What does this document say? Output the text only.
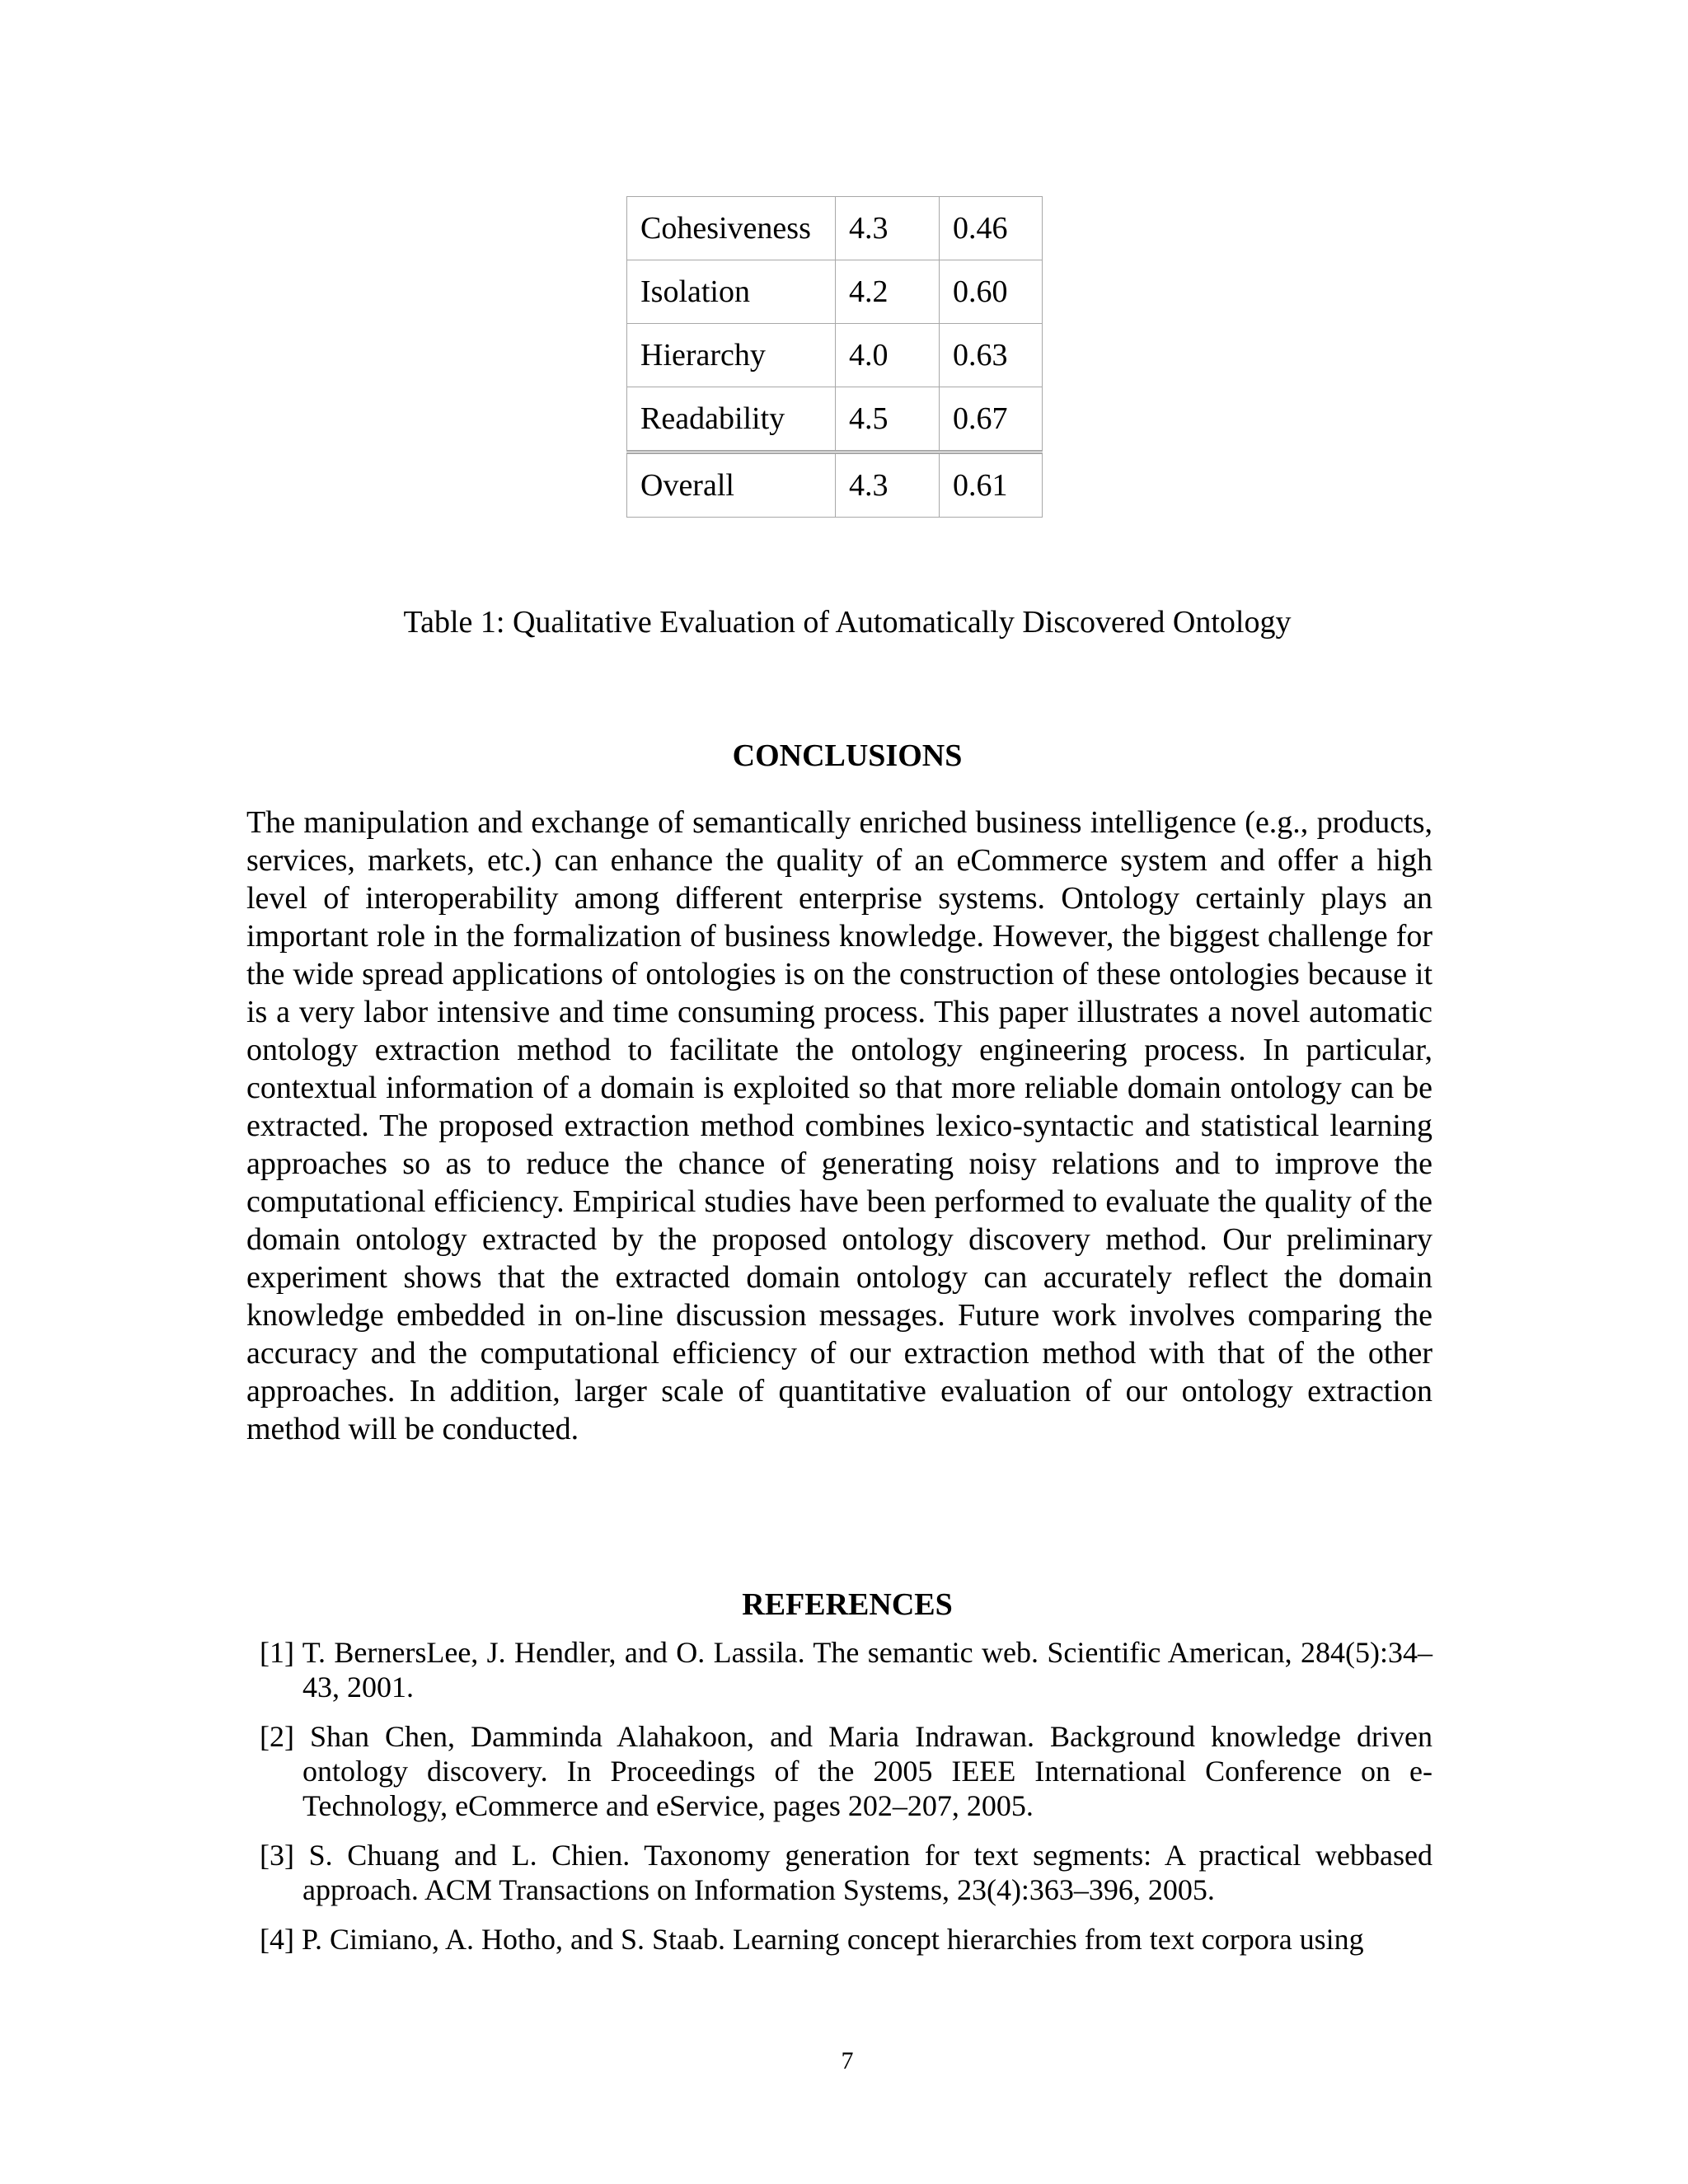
Cohesiveness	4.3	0.46
Isolation	4.2	0.60
Hierarchy	4.0	0.63
Readability	4.5	0.67
Overall	4.3	0.61
Table 1: Qualitative Evaluation of Automatically Discovered Ontology
CONCLUSIONS

The manipulation and exchange of semantically enriched business intelligence (e.g., products, services, markets, etc.) can enhance the quality of an eCommerce system and offer a high level of interoperability among different enterprise systems. Ontology certainly plays an important role in the formalization of business knowledge. However, the biggest challenge for the wide spread applications of ontologies is on the construction of these ontologies because it is a very labor intensive and time consuming process. This paper illustrates a novel automatic ontology extraction method to facilitate the ontology engineering process. In particular, contextual information of a domain is exploited so that more reliable domain ontology can be extracted. The proposed extraction method combines lexico-syntactic and statistical learning approaches so as to reduce the chance of generating noisy relations and to improve the computational efficiency. Empirical studies have been performed to evaluate the quality of the domain ontology extracted by the proposed ontology discovery method. Our preliminary experiment shows that the extracted domain ontology can accurately reflect the domain knowledge embedded in on-line discussion messages. Future work involves comparing the accuracy and the computational efficiency of our extraction method with that of the other approaches. In addition, larger scale of quantitative evaluation of our ontology extraction method will be conducted.

REFERENCES
[1] T. BernersLee, J. Hendler, and O. Lassila. The semantic web. Scientific American, 284(5):34–43, 2001.
[2] Shan Chen, Damminda Alahakoon, and Maria Indrawan. Background knowledge driven ontology discovery. In Proceedings of the 2005 IEEE International Conference on e-Technology, eCommerce and eService, pages 202–207, 2005.
[3] S. Chuang and L. Chien. Taxonomy generation for text segments: A practical webbased approach. ACM Transactions on Information Systems, 23(4):363–396, 2005.
[4] P. Cimiano, A. Hotho, and S. Staab. Learning concept hierarchies from text corpora using
7
